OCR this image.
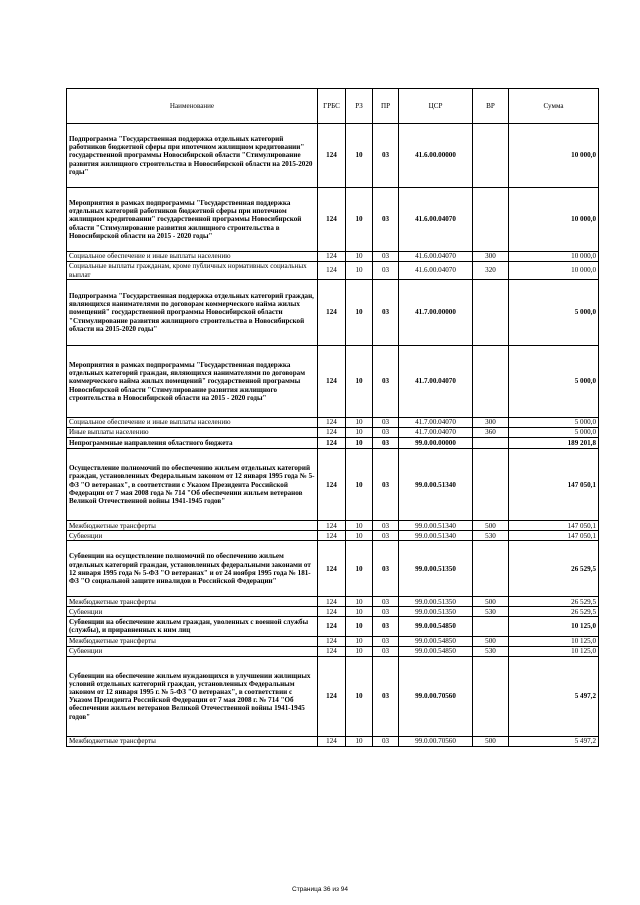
Наименование	ГРБС	РЗ	ПР	ЦСР	ВР	Сумма
Подпрограмма "Государственная поддержка отдельных категорий работников бюджетной сферы при ипотечном жилищном кредитовании" государственной программы Новосибирской области "Стимулирование развития жилищного строительства в Новосибирской области на 2015-2020 годы"	124	10	03	41.6.00.00000		10 000,0
Мероприятия в рамках подпрограммы "Государственная поддержка отдельных категорий работников бюджетной сферы при ипотечном жилищном кредитовании" государственной программы Новосибирской области "Стимулирование развития жилищного строительства в Новосибирской области на 2015 - 2020 годы"	124	10	03	41.6.00.04070		10 000,0
Социальное обеспечение и иные выплаты населению	124	10	03	41.6.00.04070	300	10 000,0
Социальные выплаты гражданам, кроме публичных нормативных социальных выплат	124	10	03	41.6.00.04070	320	10 000,0
Подпрограмма "Государственная поддержка отдельных категорий граждан, являющихся нанимателями по договорам коммерческого найма жилых помещений" государственной программы Новосибирской области "Стимулирование развития жилищного строительства в Новосибирской области на 2015-2020 годы"	124	10	03	41.7.00.00000		5 000,0
Мероприятия в рамках подпрограммы "Государственная поддержка отдельных категорий граждан, являющихся нанимателями по договорам коммерческого найма жилых помещений" государственной программы Новосибирской области "Стимулирование развития жилищного строительства в Новосибирской области на 2015 - 2020 годы"	124	10	03	41.7.00.04070		5 000,0
Социальное обеспечение и иные выплаты населению	124	10	03	41.7.00.04070	300	5 000,0
Иные выплаты населению	124	10	03	41.7.00.04070	360	5 000,0
Непрограммные направления областного бюджета	124	10	03	99.0.00.00000		189 201,8
Осуществление полномочий по обеспечению жильем отдельных категорий граждан, установленных Федеральным законом от 12 января 1995 года № 5-ФЗ "О ветеранах", в соответствии с Указом Президента Российской Федерации от 7 мая 2008 года № 714 "Об обеспечении жильем ветеранов Великой Отечественной войны 1941-1945 годов"	124	10	03	99.0.00.51340		147 050,1
Межбюджетные трансферты	124	10	03	99.0.00.51340	500	147 050,1
Субвенции	124	10	03	99.0.00.51340	530	147 050,1
Субвенции на осуществление полномочий по обеспечению жильем отдельных категорий граждан, установленных федеральными законами от 12 января 1995 года № 5-ФЗ "О ветеранах" и от 24 ноября 1995 года № 181-ФЗ "О социальной защите инвалидов в Российской Федерации"	124	10	03	99.0.00.51350		26 529,5
Межбюджетные трансферты	124	10	03	99.0.00.51350	500	26 529,5
Субвенции	124	10	03	99.0.00.51350	530	26 529,5
Субвенции на обеспечение жильем граждан, уволенных с военной службы (службы), и приравненных к ним лиц	124	10	03	99.0.00.54850		10 125,0
Межбюджетные трансферты	124	10	03	99.0.00.54850	500	10 125,0
Субвенции	124	10	03	99.0.00.54850	530	10 125,0
Субвенции на обеспечение жильем нуждающихся в улучшении жилищных условий отдельных категорий граждан, установленных Федеральным законом от 12 января 1995 г. № 5-ФЗ "О ветеранах", в соответствии с Указом Президента Российской Федерации от 7 мая 2008 г. № 714 "Об обеспечении жильем ветеранов Великой Отечественной войны 1941-1945 годов"	124	10	03	99.0.00.70560		5 497,2
Межбюджетные трансферты	124	10	03	99.0.00.70560	500	5 497,2
Страница 36 из 94
